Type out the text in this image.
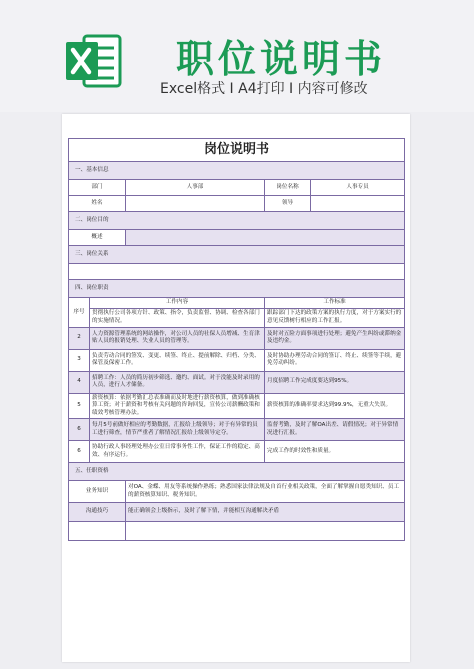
职位说明书
Excel格式 I A4打印 I 内容可修改
岗位说明书				
一、基本信息				
部门		人事部	岗位名称	人事专员
姓名			领导	
二、岗位目的				
概述				
三、岗位关系				

四、岗位职责				
序号	工作内容		工作标准	
	贯彻执行公司各项方针、政策、指令，负责监督、协调、检查各部门的实施情况。		跟踪部门下达的政策方案的执行力度，对于方案实行的意见反馈树行相应的工作汇报。	
2	人力资源管理系统的网站操作，对公司人员的社保人员增减、生育津贴人员的报销处理、失业人员的管理等。		及时对五险方面事项进行处理；避免产生纠纷或滞纳金及违约金。	
3	负责劳动合同的签发、变更、续签、终止、提前解除、归档、分类、保管及保密工作。		及时协助办理劳动合同的签订、终止、续签等手续，避免劳动纠纷。	
4	招聘工作：人员的简历初步筛选、邀约、面试。对于没能及时录用的人员，进行人才储备。		月度招聘工作完成度要达到95%。	
5	薪资核算：依据考勤汇总表准确而及时地进行薪资核算，做到准确核算工资；对于薪资和考核有关问题的咨询回复，宣传公司薪酬政策和绩效考核管理办法。		薪资核算的准确率要求达到99.9%，无重大失误。	
6	每月5号前做好相应的考勤数据，汇报给上级领导；对于有异常的员工进行筛查，情节严重者了解情况汇报给上级领导定夺。		监督考勤，及时了解OA出差、请假情况；对于异常情况进行汇报。	
6	协助行政人事经理处理办公室日常事务性工作，保证工作的稳定、高效、有序运行。		完成工作的时效性和质量。	
五、任职资格				
业务知识		对OA、金蝶、用友等系统操作熟练；熟悉国家法律法规及自首行业相关政策，全面了解掌握自愿类知识、员工的薪资核算知识、税务知识。		
沟通技巧		能正确领会上级指示，及时了解下情，并能相互沟通解决矛盾		
